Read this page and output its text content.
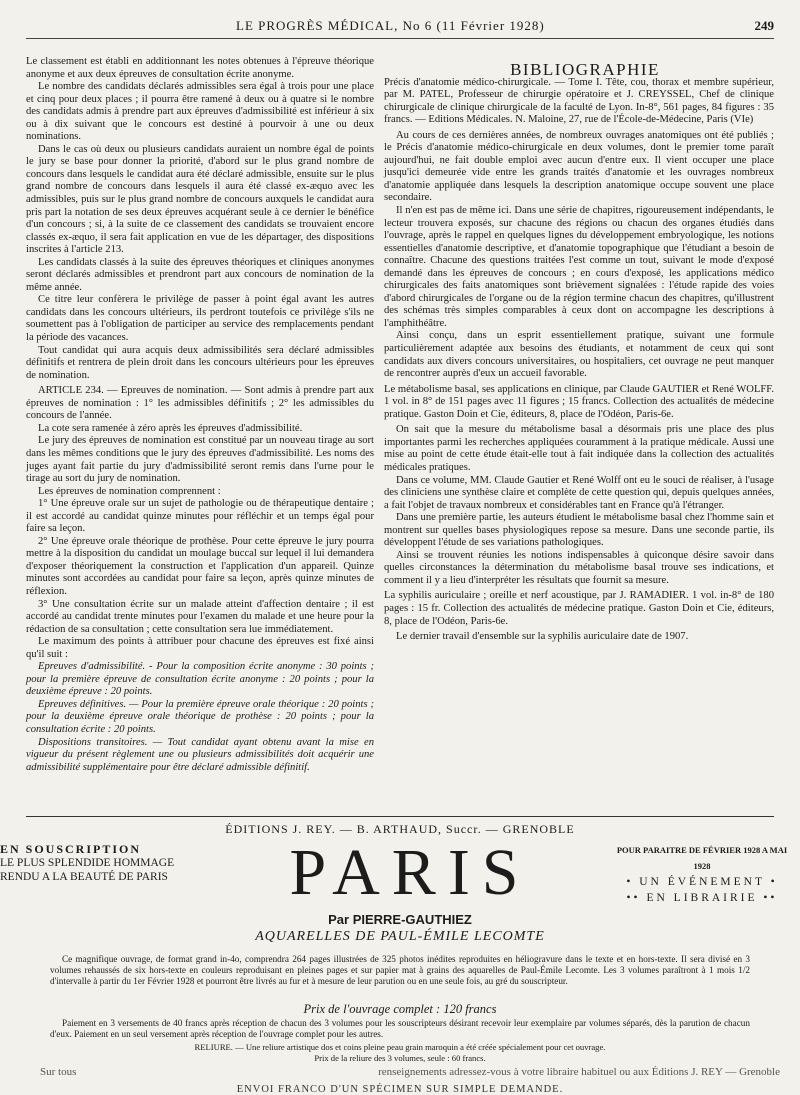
LE PROGRÈS MÉDICAL, No 6 (11 Février 1928)	249

Le classement est établi en additionnant les notes obtenues à l'épreuve théorique anonyme et aux deux épreuves de consultation écrite anonyme.

Le nombre des candidats déclarés admissibles sera égal à trois pour une place et cinq pour deux places ; il pourra être ramené à deux ou à quatre si le nombre des candidats admis à prendre part aux épreuves d'admissibilité est inférieur à six ou à dix suivant que le concours est destiné à pourvoir à une ou deux nominations.

Dans le cas où deux ou plusieurs candidats auraient un nombre égal de points le jury se base pour donner la priorité, d'abord sur le plus grand nombre de concours dans lesquels le candidat aura été déclaré admissible, ensuite sur le plus grand nombre de concours dans lesquels il aura été classé ex-æquo avec les admissibles, puis sur le plus grand nombre de concours auxquels le candidat aura pris part la notation de ses deux épreuves acquérant seule à ce dernier le bénéfice d'un concours ; si, à la suite de ce classement des candidats se trouvaient encore classés ex-æquo, il sera fait application en vue de les départager, des dispositions inscrites à l'article 213.

Les candidats classés à la suite des épreuves théoriques et cliniques anonymes seront déclarés admissibles et prendront part aux concours de nomination de la même année.

Ce titre leur confèrera le privilège de passer à point égal avant les autres candidats dans les concours ultérieurs, ils perdront toutefois ce privilège s'ils ne soumettent pas à l'obligation de participer au service des remplacements pendant la période des vacances.

Tout candidat qui aura acquis deux admissibilités sera déclaré admissibles définitifs et rentrera de plein droit dans les concours ultérieurs pour les épreuves de nomination.

ARTICLE 234. — Epreuves de nomination. — Sont admis à prendre part aux épreuves de nomination : 1° les admissibles définitifs ; 2° les admissibles du concours de l'année.

La cote sera ramenée à zéro après les épreuves d'admissibilité.

Le jury des épreuves de nomination est constitué par un nouveau tirage au sort dans les mêmes conditions que le jury des épreuves d'admissibilité. Les noms des juges ayant fait partie du jury d'admissibilité seront remis dans l'urne pour le tirage au sort du jury de nomination.

Les épreuves de nomination comprennent :

1° Une épreuve orale sur un sujet de pathologie ou de thérapeutique dentaire ; il est accordé au candidat quinze minutes pour réfléchir et un temps égal pour faire sa leçon.

2° Une épreuve orale théorique de prothèse. Pour cette épreuve le jury pourra mettre à la disposition du candidat un moulage buccal sur lequel il lui demandera d'exposer théoriquement la construction et l'application d'un appareil. Quinze minutes sont accordées au candidat pour faire sa leçon, après quinze minutes de réflexion.

3° Une consultation écrite sur un malade atteint d'affection dentaire ; il est accordé au candidat trente minutes pour l'examen du malade et une heure pour la rédaction de sa consultation ; cette consultation sera lue immédiatement.

Le maximum des points à attribuer pour chacune des épreuves est fixé ainsi qu'il suit :

Epreuves d'admissibilité. - Pour la composition écrite anonyme : 30 points ; pour la première épreuve de consultation écrite anonyme : 20 points ; pour la deuxième épreuve : 20 points.

Epreuves définitives. — Pour la première épreuve orale théorique : 20 points ; pour la deuxième épreuve orale théorique de prothèse : 20 points ; pour la consultation écrite : 20 points.

Dispositions transitoires. — Tout candidat ayant obtenu avant la mise en vigueur du présent règlement une ou plusieurs admissibilités doit acquérir une admissibilité supplémentaire pour être déclaré admissible définitif.

BIBLIOGRAPHIE

Précis d'anatomie médico-chirurgicale. — Tome I. Tête, cou, thorax et membre supérieur, par M. PATEL, Professeur de chirurgie opératoire et J. CREYSSEL, Chef de clinique chirurgicale de clinique chirurgicale de la faculté de Lyon. In-8°, 561 pages, 84 figures : 35 francs. — Editions Médicales. N. Maloine, 27, rue de l'École-de-Médecine, Paris (VIe)

Au cours de ces dernières années, de nombreux ouvrages anatomiques ont été publiés ; le Précis d'anatomie médico-chirurgicale en deux volumes, dont le premier tome paraît aujourd'hui, ne fait double emploi avec aucun d'entre eux. Il vient occuper une place jusqu'ici demeurée vide entre les grands traités d'anatomie et les ouvrages nombreux d'anatomie appliquée dans lesquels la description anatomique occupe souvent une place secondaire.

Il n'en est pas de même ici. Dans une série de chapitres, rigoureusement indépendants, le lecteur trouvera exposés, sur chacune des régions ou chacun des organes étudiés dans l'ouvrage, après le rappel en quelques lignes du développement embryologique, les notions essentielles d'anatomie descriptive, et d'anatomie topographique que l'étudiant a besoin de connaître. Chacune des questions traitées l'est comme un tout, suivant le mode d'exposé demandé dans les épreuves de concours ; en cours d'exposé, les applications médico chirurgicales des faits anatomiques sont brièvement signalées : l'étude rapide des voies d'abord chirurgicales de l'organe ou de la région termine chacun des chapitres, qu'illustrent des schémas très simples comparables à ceux dont on accompagne les descriptions à l'amphithéâtre.

Ainsi conçu, dans un esprit essentiellement pratique, suivant une formule particulièrement adaptée aux besoins des étudiants, et notamment de ceux qui sont candidats aux divers concours universitaires, ou hospitaliers, cet ouvrage ne peut manquer de rencontrer auprès d'eux un accueil favorable.

Le métabolisme basal, ses applications en clinique, par Claude GAUTIER et René WOLFF. 1 vol. in 8° de 151 pages avec 11 figures ; 15 francs. Collection des actualités de médecine pratique. Gaston Doin et Cie, éditeurs, 8, place de l'Odéon, Paris-6e.

On sait que la mesure du métabolisme basal a désormais pris une place des plus importantes parmi les recherches appliquées couramment à la pratique médicale. Aussi une mise au point de cette étude était-elle tout à fait indiquée dans la collection des actualités médicales pratiques.

Dans ce volume, MM. Claude Gautier et René Wolff ont eu le souci de réaliser, à l'usage des cliniciens une synthèse claire et complète de cette question qui, depuis quelques années, a fait l'objet de travaux nombreux et considérables tant en France qu'à l'étranger.

Dans une première partie, les auteurs étudient le métabolisme basal chez l'homme sain et montrent sur quelles bases physiologiques repose sa mesure. Dans une seconde partie, ils développent l'étude de ses variations pathologiques.

Ainsi se trouvent réunies les notions indispensables à quiconque désire savoir dans quelles circonstances la détermination du métabolisme basal trouve ses indications, et comment il y a lieu d'interpréter les résultats que fournit sa mesure.

La syphilis auriculaire ; oreille et nerf acoustique, par J. RAMADIER. 1 vol. in-8° de 180 pages : 15 fr. Collection des actualités de médecine pratique. Gaston Doin et Cie, éditeurs, 8, place de l'Odéon, Paris-6e.

Le dernier travail d'ensemble sur la syphilis auriculaire date de 1907.

ÉDITIONS J. REY. — B. ARTHAUD, Succr. — GRENOBLE
EN SOUSCRIPTION
LE PLUS SPLENDIDE HOMMAGE
RENDU A LA BEAUTÉ DE PARIS	PARIS	POUR PARAITRE DE FÉVRIER 1928 A MAI 1928
• UN ÉVÉNEMENT •
•• EN LIBRAIRIE ••
Par PIERRE-GAUTHIEZ
AQUARELLES DE PAUL-ÉMILE LECOMTE
Ce magnifique ouvrage, de format grand in-4o, comprendra 264 pages illustrées de 325 photos inédites reproduites en héliogravure dans le texte et en hors-texte. Il sera divisé en 3 volumes rehaussés de six hors-texte en couleurs reproduisant en pleines pages et sur papier mat à grains des aquarelles de Paul-Émile Lecomte. Les 3 volumes paraîtront à 1 mois 1/2 d'intervalle à partir du 1er Février 1928 et pourront être livrés au fur et à mesure de leur parution ou en une seule fois, au gré du souscripteur.
Prix de l'ouvrage complet : 120 francs
Paiement en 3 versements de 40 francs après réception de chacun des 3 volumes pour les souscripteurs désirant recevoir leur exemplaire par volumes séparés, dès la parution de chacun d'eux. Paiement en un seul versement après réception de l'ouvrage complet pour les autres.
RELIURE. — Une reliure artistique dos et coins pleine peau grain maroquin a été créée spécialement pour cet ouvrage.
Prix de la reliure des 3 volumes, seule : 60 francs.
Sur tous	renseignements adressez-vous à votre libraire habituel ou aux Éditions J. REY — Grenoble
ENVOI FRANCO D'UN SPÉCIMEN SUR SIMPLE DEMANDE.
